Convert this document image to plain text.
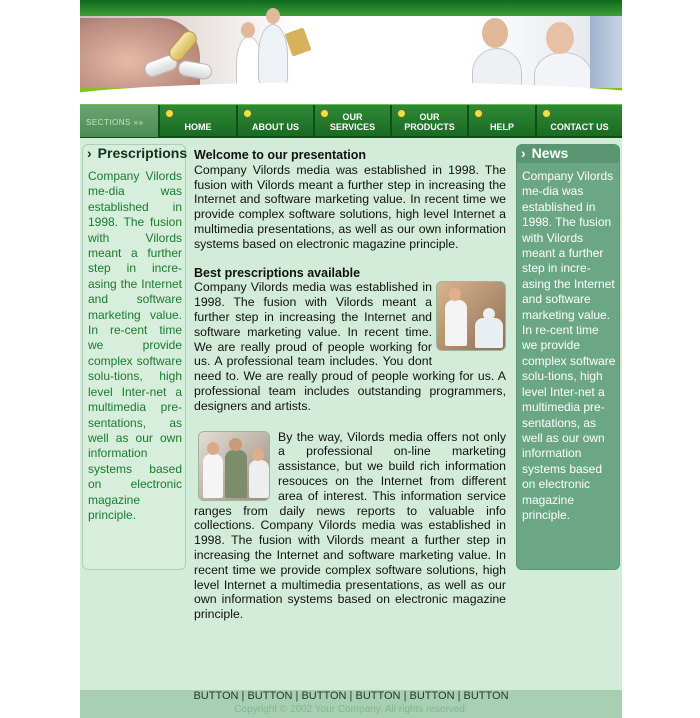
SECTIONS »»	HOME	ABOUT US

OUR
SERVICES

OUR
PRODUCTS	HELP	CONTACT US
› Prescriptions
Company Vilords me-dia was established in 1998. The fusion with Vilords meant a further step in incre-asing the Internet and software marketing value. In re-cent time we provide complex software solu-tions, high level Inter-net a multimedia pre-sentations, as well as our own information systems based on electronic magazine principle.
› News
Company Vilords me-dia was established in 1998. The fusion with Vilords meant a further step in incre-asing the Internet and software marketing value. In re-cent time we provide complex software solu-tions, high level Inter-net a multimedia pre-sentations, as well as our own information systems based on electronic magazine principle.
Welcome to our presentation
Company Vilords media was established in 1998. The fusion with Vilords meant a further step in increasing the Internet and software marketing value. In recent time we provide complex software solutions, high level Internet a multimedia presentations, as well as our own information systems based on electronic magazine principle.
Best prescriptions available
Company Vilords media was established in 1998. The fusion with Vilords meant a further step in increasing the Internet and software marketing value. In recent time. We are really proud of people working for us. A professional team includes. You dont need to. We are really proud of people working for us. A professional team includes outstanding programmers, designers and artists.
By the way, Vilords media offers not only a professional on-line marketing assistance, but we build rich information resouces on the Internet from different area of interest. This information service ranges from daily news reports to valuable info collections. Company Vilords media was established in 1998. The fusion with Vilords meant a further step in increasing the Internet and software marketing value. In recent time we provide complex software solutions, high level Internet a multimedia presentations, as well as our own information systems based on electronic magazine principle.
BUTTON | BUTTON | BUTTON | BUTTON | BUTTON | BUTTON
Copyright © 2002 Your Company, All rights reserved.
